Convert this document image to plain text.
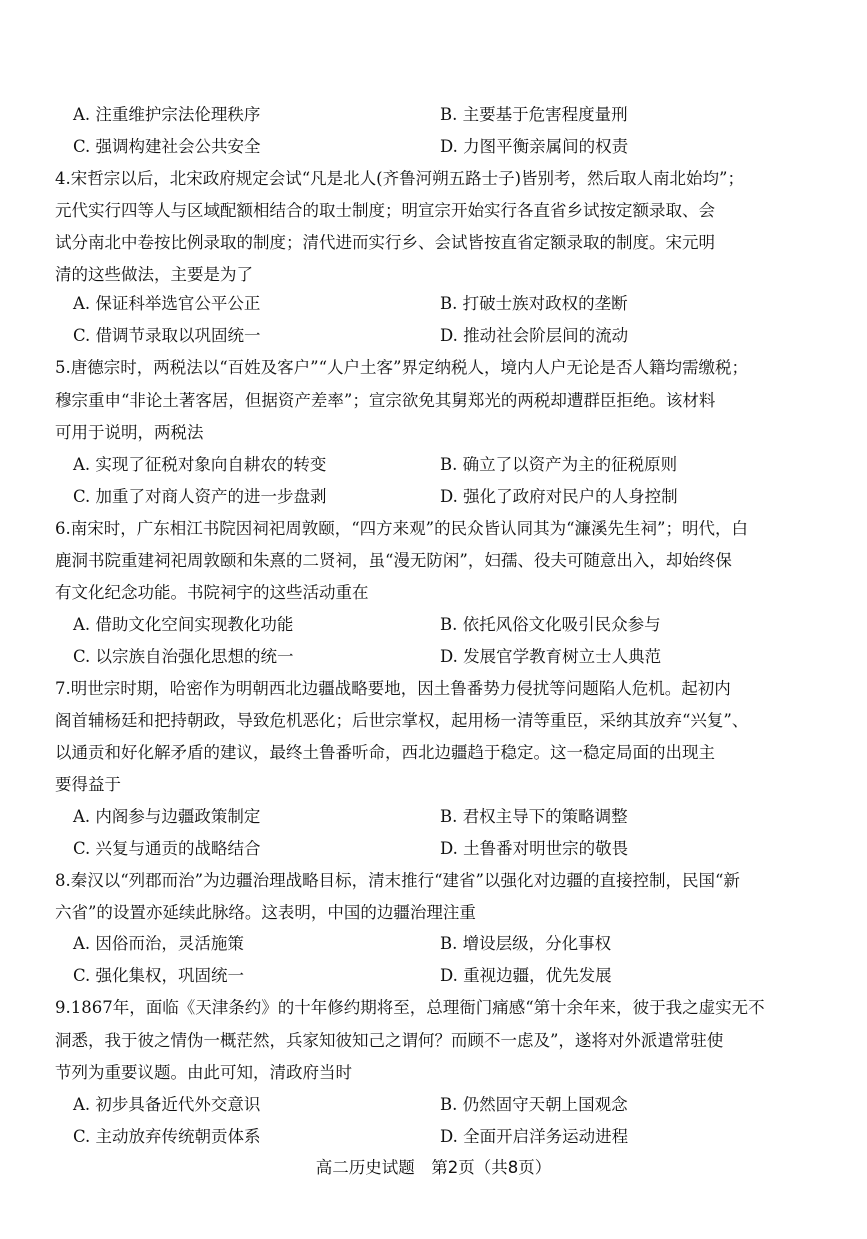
A. 注重维护宗法伦理秩序	B. 主要基于危害程度量刑
C. 强调构建社会公共安全	D. 力图平衡亲属间的权责
4.宋哲宗以后，北宋政府规定会试“凡是北人(齐鲁河朔五路士子)皆别考，然后取人南北始均”；
元代实行四等人与区域配额相结合的取士制度；明宣宗开始实行各直省乡试按定额录取、会
试分南北中卷按比例录取的制度；清代进而实行乡、会试皆按直省定额录取的制度。宋元明
清的这些做法，主要是为了
A. 保证科举选官公平公正	B. 打破士族对政权的垄断
C. 借调节录取以巩固统一	D. 推动社会阶层间的流动
5.唐德宗时，两税法以“百姓及客户”“人户土客”界定纳税人，境内人户无论是否人籍均需缴税；
穆宗重申“非论土著客居，但据资产差率”；宣宗欲免其舅郑光的两税却遭群臣拒绝。该材料
可用于说明，两税法
A. 实现了征税对象向自耕农的转变	B. 确立了以资产为主的征税原则
C. 加重了对商人资产的进一步盘剥	D. 强化了政府对民户的人身控制
6.南宋时，广东相江书院因祠祀周敦颐，“四方来观”的民众皆认同其为“濂溪先生祠”；明代，白
鹿洞书院重建祠祀周敦颐和朱熹的二贤祠，虽“漫无防闲”，妇孺、役夫可随意出入，却始终保
有文化纪念功能。书院祠宇的这些活动重在
A. 借助文化空间实现教化功能	B. 依托风俗文化吸引民众参与
C. 以宗族自治强化思想的统一	D. 发展官学教育树立士人典范
7.明世宗时期，哈密作为明朝西北边疆战略要地，因土鲁番势力侵扰等问题陷人危机。起初内
阁首辅杨廷和把持朝政，导致危机恶化；后世宗掌权，起用杨一清等重臣，采纳其放弃“兴复”、
以通贡和好化解矛盾的建议，最终土鲁番听命，西北边疆趋于稳定。这一稳定局面的出现主
要得益于
A. 内阁参与边疆政策制定	B. 君权主导下的策略调整
C. 兴复与通贡的战略结合	D. 土鲁番对明世宗的敬畏
8.秦汉以“列郡而治”为边疆治理战略目标，清末推行“建省”以强化对边疆的直接控制，民国“新
六省”的设置亦延续此脉络。这表明，中国的边疆治理注重
A. 因俗而治，灵活施策	B. 增设层级，分化事权
C. 强化集权，巩固统一	D. 重视边疆，优先发展
9.1867年，面临《天津条约》的十年修约期将至，总理衙门痛感“第十余年来，彼于我之虚实无不
洞悉，我于彼之情伪一概茫然，兵家知彼知己之谓何？而顾不一虑及”，遂将对外派遣常驻使
节列为重要议题。由此可知，清政府当时
A. 初步具备近代外交意识	B. 仍然固守天朝上国观念
C. 主动放弃传统朝贡体系	D. 全面开启洋务运动进程
高二历史试题　第2页（共8页）
